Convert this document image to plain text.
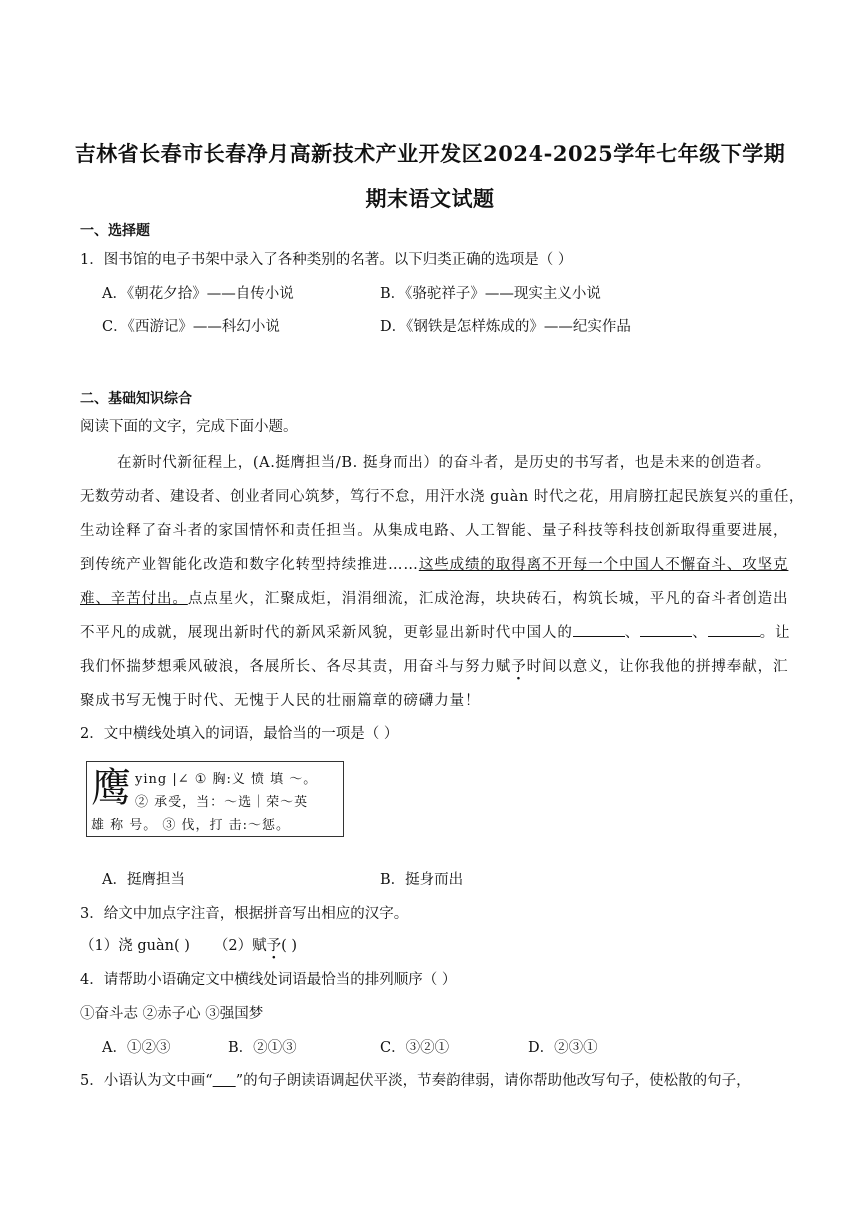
吉林省长春市长春净月高新技术产业开发区2024-2025学年七年级下学期
期末语文试题
一、选择题
1．图书馆的电子书架中录入了各种类别的名著。以下归类正确的选项是（ ）
A．《朝花夕拾》——自传小说	B．《骆驼祥子》——现实主义小说
C．《西游记》——科幻小说	D．《钢铁是怎样炼成的》——纪实作品
二、基础知识综合
阅读下面的文字，完成下面小题。
在新时代新征程上，(A.挺膺担当/B. 挺身而出）的奋斗者，是历史的书写者，也是未来的创造者。
无数劳动者、建设者、创业者同心筑梦，笃行不怠，用汗水浇 guàn 时代之花，用肩膀扛起民族复兴的重任，
生动诠释了奋斗者的家国情怀和责任担当。从集成电路、人工智能、量子科技等科技创新取得重要进展，
到传统产业智能化改造和数字化转型持续推进……这些成绩的取得离不开每一个中国人不懈奋斗、攻坚克
难、辛苦付出。点点星火，汇聚成炬，涓涓细流，汇成沧海，块块砖石，构筑长城，平凡的奋斗者创造出
不平凡的成就，展现出新时代的新风采新风貌，更彰显出新时代中国人的	、	、	。让
我们怀揣梦想乘风破浪，各展所长、各尽其责，用奋斗与努力赋予时间以意义，让你我他的拼搏奉献，汇
聚成书写无愧于时代、无愧于人民的壮丽篇章的磅礴力量！
2．文中横线处填入的词语，最恰当的一项是（ ）
鹰 ying |∠ ① 胸:义 愤 填 ～。
② 承受，当：～选｜荣～英
雄 称 号。 ③ 伐，打 击:～惩。
A．挺膺担当	B．挺身而出
3．给文中加点字注音，根据拼音写出相应的汉字。
（1）浇 guàn( ) （2）赋予( )
4．请帮助小语确定文中横线处词语最恰当的排列顺序（ ）
①奋斗志 ②赤子心 ③强国梦
A．①②③	B．②①③	C．③②①	D．②③①
5．小语认为文中画“ ”的句子朗读语调起伏平淡，节奏韵律弱，请你帮助他改写句子，使松散的句子，
